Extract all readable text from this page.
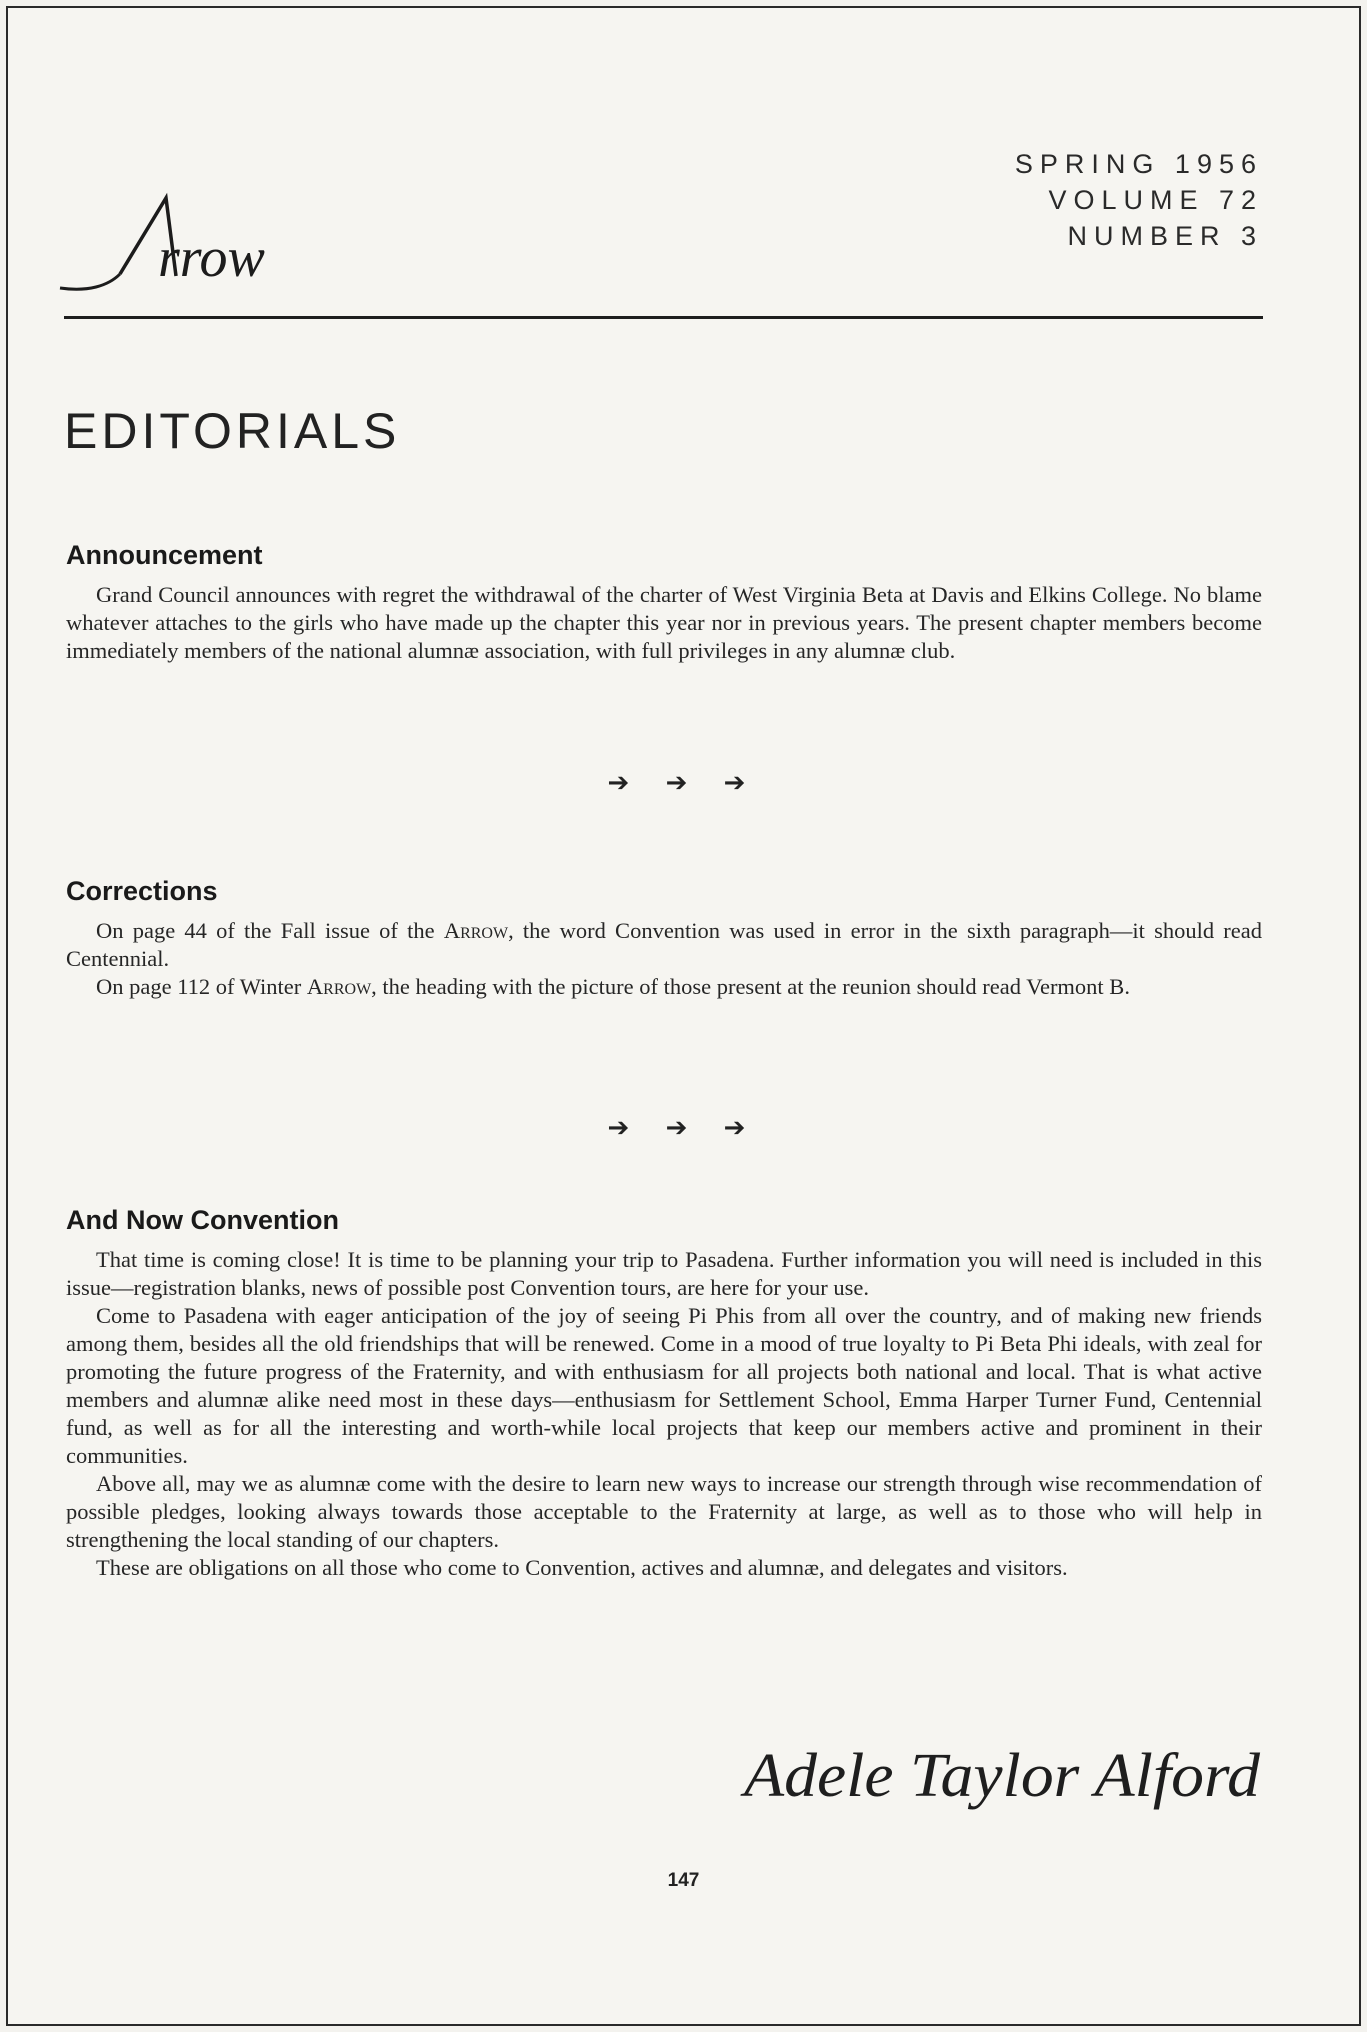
SPRING 1956
VOLUME 72
NUMBER 3
rrow
EDITORIALS
Announcement

Grand Council announces with regret the withdrawal of the charter of West Virginia Beta at Davis and Elkins College. No blame whatever attaches to the girls who have made up the chapter this year nor in previous years. The present chapter members become immediately members of the national alumnæ association, with full privileges in any alumnæ club.

➔ ➔ ➔
Corrections

On page 44 of the Fall issue of the Arrow, the word Convention was used in error in the sixth paragraph—it should read Centennial.

On page 112 of Winter Arrow, the heading with the picture of those present at the reunion should read Vermont B.

➔ ➔ ➔
And Now Convention

That time is coming close! It is time to be planning your trip to Pasadena. Further information you will need is included in this issue—registration blanks, news of possible post Convention tours, are here for your use.

Come to Pasadena with eager anticipation of the joy of seeing Pi Phis from all over the country, and of making new friends among them, besides all the old friendships that will be renewed. Come in a mood of true loyalty to Pi Beta Phi ideals, with zeal for promoting the future progress of the Fraternity, and with enthusiasm for all projects both national and local. That is what active members and alumnæ alike need most in these days—enthusiasm for Settlement School, Emma Harper Turner Fund, Centennial fund, as well as for all the interesting and worth-while local projects that keep our members active and prominent in their communities.

Above all, may we as alumnæ come with the desire to learn new ways to increase our strength through wise recommendation of possible pledges, looking always towards those acceptable to the Fraternity at large, as well as to those who will help in strengthening the local standing of our chapters.

These are obligations on all those who come to Convention, actives and alumnæ, and delegates and visitors.

Adele Taylor Alford
147
